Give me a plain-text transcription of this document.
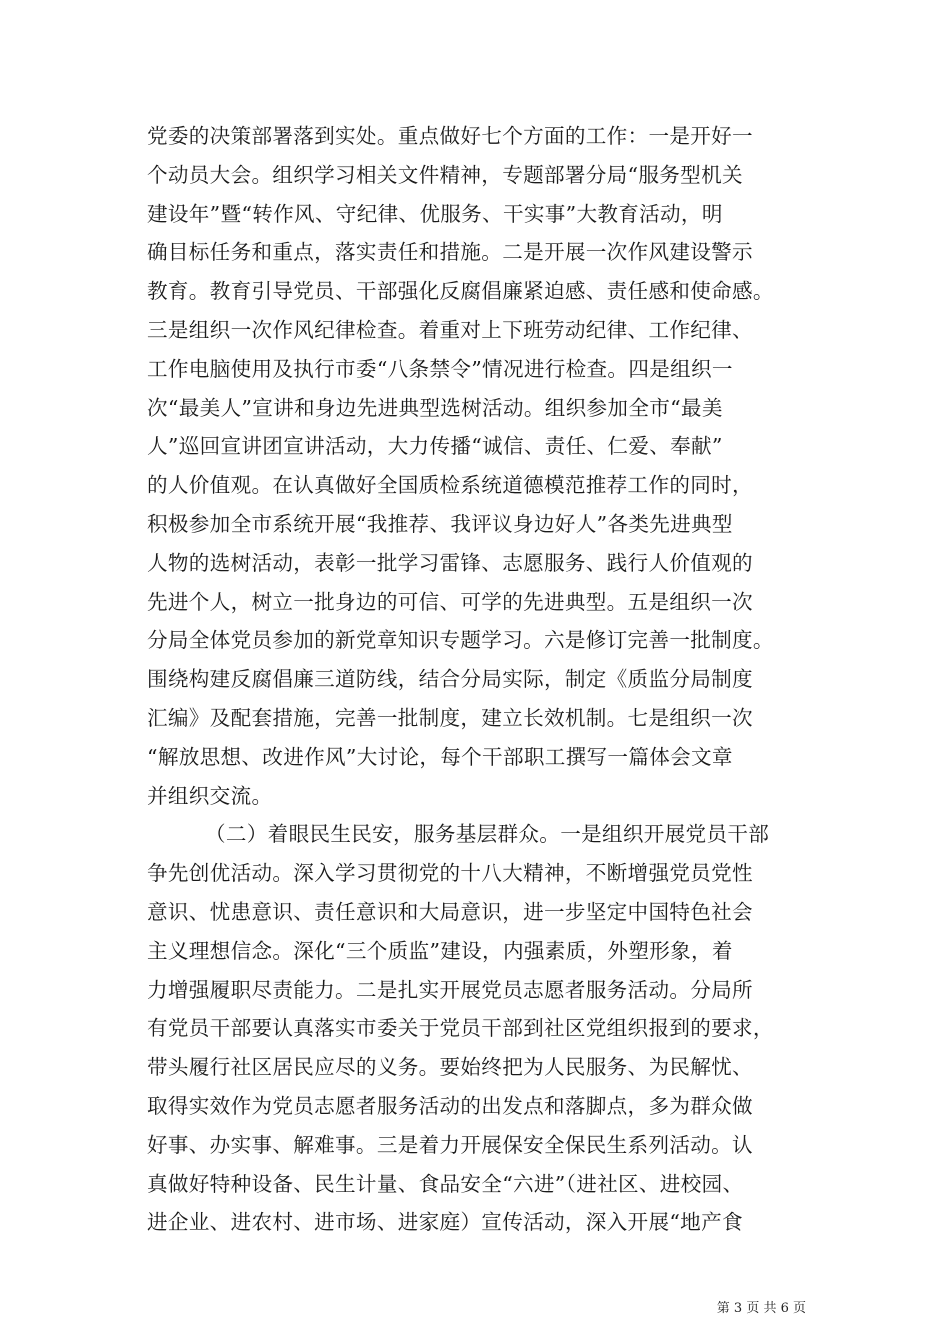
党委的决策部署落到实处。重点做好七个方面的工作：一是开好一
个动员大会。组织学习相关文件精神，专题部署分局“服务型机关
建设年”暨“转作风、守纪律、优服务、干实事”大教育活动，明
确目标任务和重点，落实责任和措施。二是开展一次作风建设警示
教育。教育引导党员、干部强化反腐倡廉紧迫感、责任感和使命感。
三是组织一次作风纪律检查。着重对上下班劳动纪律、工作纪律、
工作电脑使用及执行市委“八条禁令”情况进行检查。四是组织一
次“最美人”宣讲和身边先进典型选树活动。组织参加全市“最美
人”巡回宣讲团宣讲活动，大力传播“诚信、责任、仁爱、奉献”
的人价值观。在认真做好全国质检系统道德模范推荐工作的同时，
积极参加全市系统开展“我推荐、我评议身边好人”各类先进典型
人物的选树活动，表彰一批学习雷锋、志愿服务、践行人价值观的
先进个人，树立一批身边的可信、可学的先进典型。五是组织一次
分局全体党员参加的新党章知识专题学习。六是修订完善一批制度。
围绕构建反腐倡廉三道防线，结合分局实际，制定《质监分局制度
汇编》及配套措施，完善一批制度，建立长效机制。七是组织一次
“解放思想、改进作风”大讨论，每个干部职工撰写一篇体会文章
并组织交流。
（二）着眼民生民安，服务基层群众。一是组织开展党员干部
争先创优活动。深入学习贯彻党的十八大精神，不断增强党员党性
意识、忧患意识、责任意识和大局意识，进一步坚定中国特色社会
主义理想信念。深化“三个质监”建设，内强素质，外塑形象，着
力增强履职尽责能力。二是扎实开展党员志愿者服务活动。分局所
有党员干部要认真落实市委关于党员干部到社区党组织报到的要求，
带头履行社区居民应尽的义务。要始终把为人民服务、为民解忧、
取得实效作为党员志愿者服务活动的出发点和落脚点，多为群众做
好事、办实事、解难事。三是着力开展保安全保民生系列活动。认
真做好特种设备、民生计量、食品安全“六进”（进社区、进校园、
进企业、进农村、进市场、进家庭）宣传活动，深入开展“地产食
第 3 页 共 6 页
